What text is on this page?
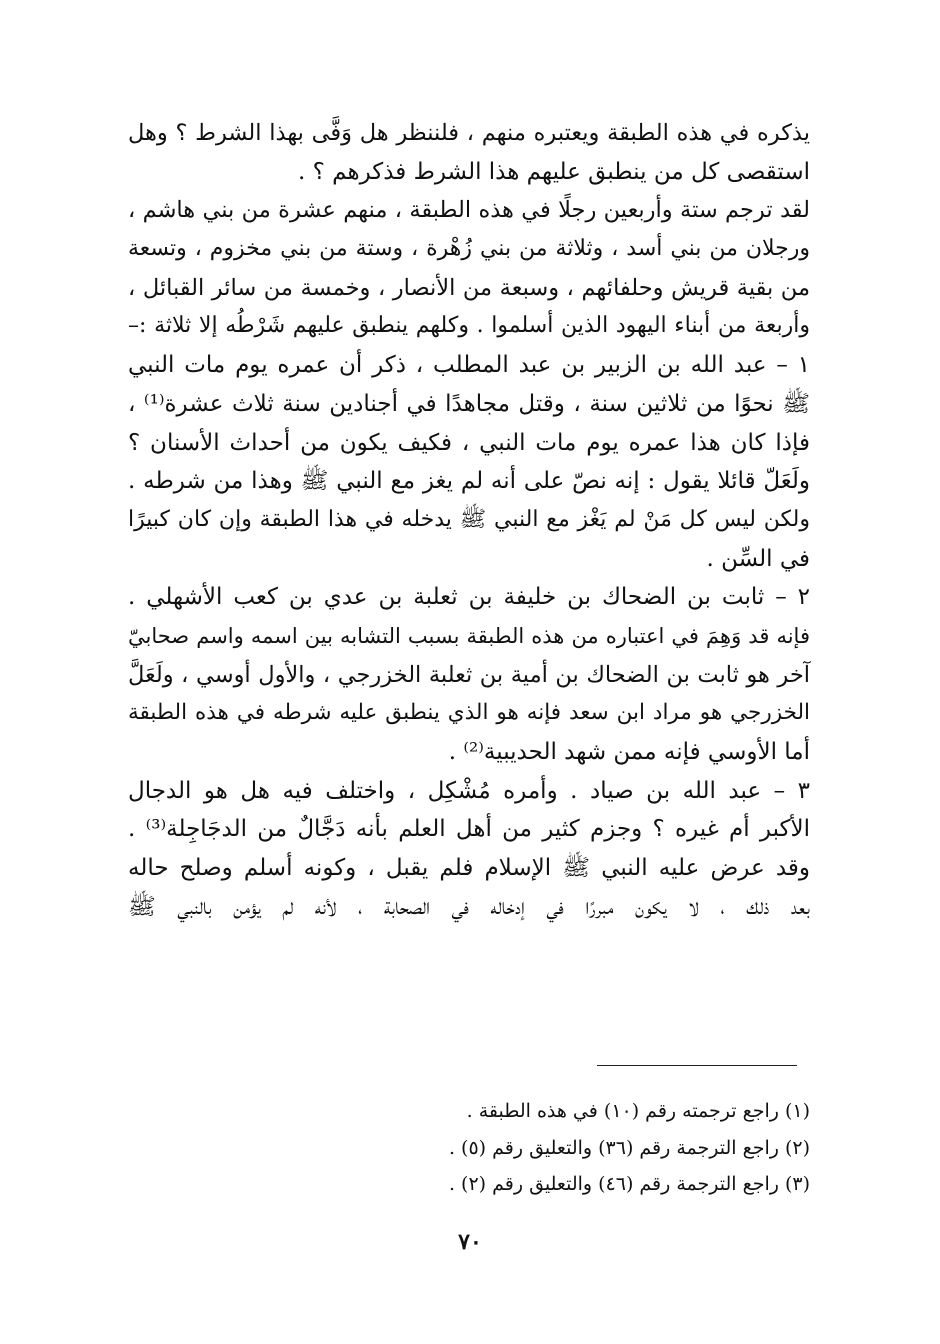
يذكره في هذه الطبقة ويعتبره منهم ، فلننظر هل وَفَّى بهذا الشرط ؟ وهل
استقصى كل من ينطبق عليهم هذا الشرط فذكرهم ؟ .
لقد ترجم ستة وأربعين رجلًا في هذه الطبقة ، منهم عشرة من بني هاشم ،
ورجلان من بني أسد ، وثلاثة من بني زُهْرة ، وستة من بني مخزوم ، وتسعة
من بقية قريش وحلفائهم ، وسبعة من الأنصار ، وخمسة من سائر القبائل ،
وأربعة من أبناء اليهود الذين أسلموا . وكلهم ينطبق عليهم شَرْطُه إلا ثلاثة :–
١ – عبد الله بن الزبير بن عبد المطلب ، ذكر أن عمره يوم مات النبي
ﷺ نحوًا من ثلاثين سنة ، وقتل مجاهدًا في أجنادين سنة ثلاث عشرة⁽¹⁾ ،
فإذا كان هذا عمره يوم مات النبي ، فكيف يكون من أحداث الأسنان ؟
ولَعَلّ قائلا يقول : إنه نصّ على أنه لم يغز مع النبي ﷺ وهذا من شرطه .
ولكن ليس كل مَنْ لم يَغْز مع النبي ﷺ يدخله في هذا الطبقة وإن كان كبيرًا
في السِّن .
٢ – ثابت بن الضحاك بن خليفة بن ثعلبة بن عدي بن كعب الأشهلي .
فإنه قد وَهِمَ في اعتباره من هذه الطبقة بسبب التشابه بين اسمه واسم صحابيّ
آخر هو ثابت بن الضحاك بن أمية بن ثعلبة الخزرجي ، والأول أوسي ، ولَعَلَّ
الخزرجي هو مراد ابن سعد فإنه هو الذي ينطبق عليه شرطه في هذه الطبقة
أما الأوسي فإنه ممن شهد الحديبية⁽²⁾ .
٣ – عبد الله بن صياد . وأمره مُشْكِل ، واختلف فيه هل هو الدجال
الأكبر أم غيره ؟ وجزم كثير من أهل العلم بأنه دَجَّالٌ من الدجَاجِلة⁽³⁾ .
وقد عرض عليه النبي ﷺ الإسلام فلم يقبل ، وكونه أسلم وصلح حاله
بعد ذلك ، لا يكون مبررًا في إدخاله في الصحابة ، لأنه لم يؤمن بالنبي ﷺ
(١) راجع ترجمته رقم (١٠) في هذه الطبقة .
(٢) راجع الترجمة رقم (٣٦) والتعليق رقم (٥) .
(٣) راجع الترجمة رقم (٤٦) والتعليق رقم (٢) .
٧٠
